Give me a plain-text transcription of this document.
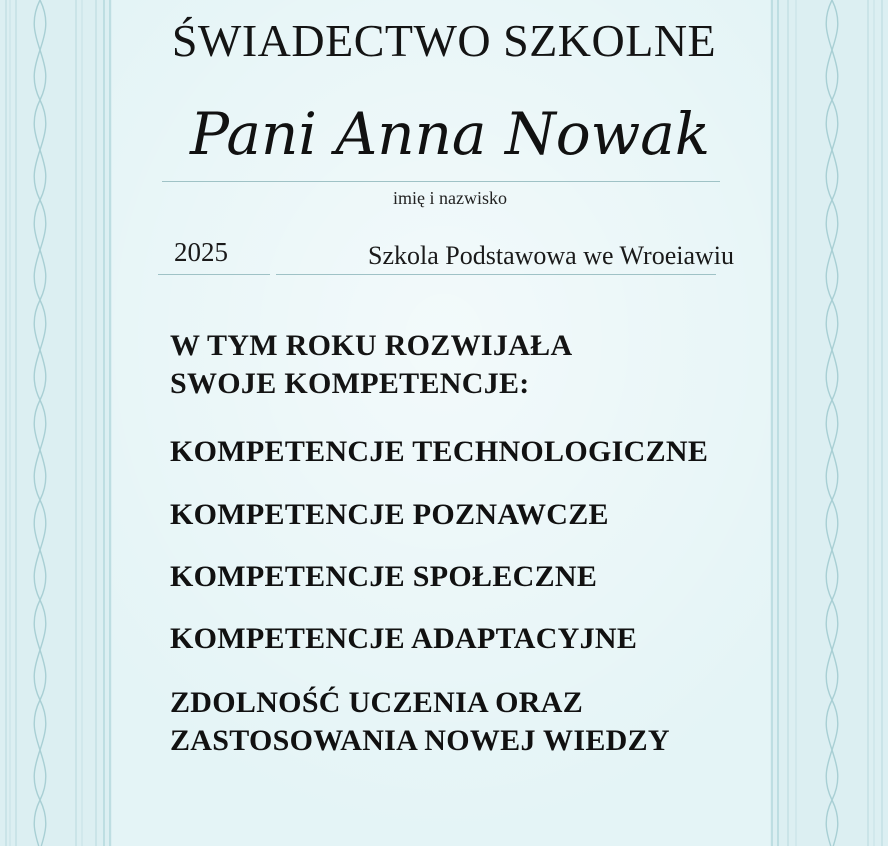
ŚWIADECTWO SZKOLNE
Pani Anna Nowak
imię i nazwisko
2025	Szkola Podstawowa we Wroeiawiu
W TYM ROKU ROZWIJAŁA
SWOJE KOMPETENCJE:
KOMPETENCJE TECHNOLOGICZNE
KOMPETENCJE POZNAWCZE
KOMPETENCJE SPOŁECZNE
KOMPETENCJE ADAPTACYJNE
ZDOLNOŚĆ UCZENIA ORAZ
ZASTOSOWANIA NOWEJ WIEDZY
